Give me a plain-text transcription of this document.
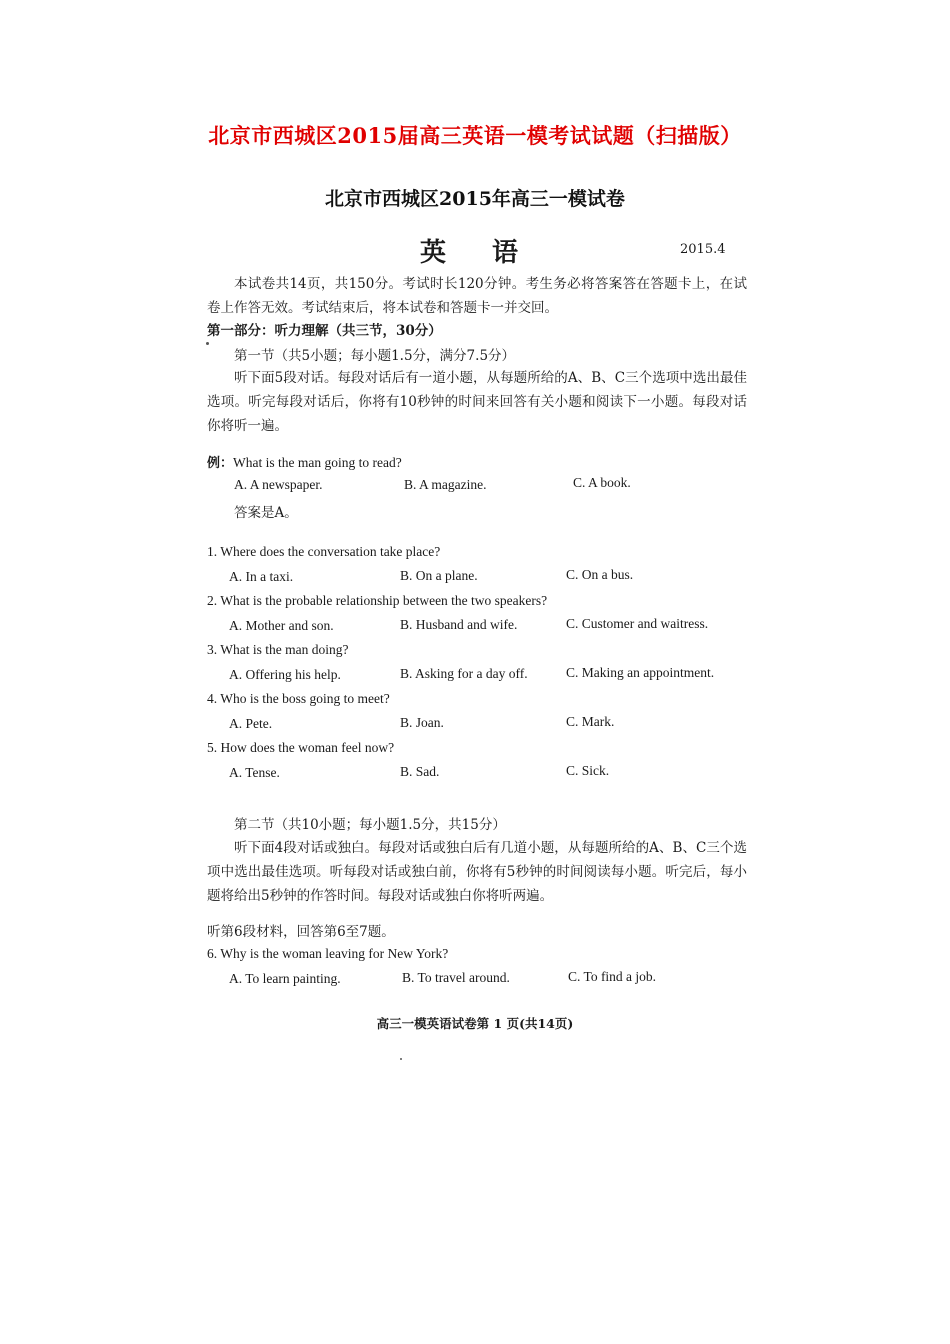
北京市西城区2015届高三英语一模考试试题（扫描版）
北京市西城区2015年高三一模试卷
英语	2015.4
本试卷共14页，共150分。考试时长120分钟。考生务必将答案答在答题卡上，在试卷上作答无效。考试结束后，将本试卷和答题卡一并交回。
第一部分：听力理解（共三节，30分）
第一节（共5小题；每小题1.5分，满分7.5分）
听下面5段对话。每段对话后有一道小题，从每题所给的A、B、C三个选项中选出最佳选项。听完每段对话后，你将有10秒钟的时间来回答有关小题和阅读下一小题。每段对话你将听一遍。
例：What is the man going to read?
A. A newspaper.	B. A magazine.	C. A book.
答案是A。
1. Where does the conversation take place?
A. In a taxi.	B. On a plane.	C. On a bus.
2. What is the probable relationship between the two speakers?
A. Mother and son.	B. Husband and wife.	C. Customer and waitress.
3. What is the man doing?
A. Offering his help.	B. Asking for a day off.	C. Making an appointment.
4. Who is the boss going to meet?
A. Pete.	B. Joan.	C. Mark.
5. How does the woman feel now?
A. Tense.	B. Sad.	C. Sick.
第二节（共10小题；每小题1.5分，共15分）
听下面4段对话或独白。每段对话或独白后有几道小题，从每题所给的A、B、C三个选项中选出最佳选项。听每段对话或独白前，你将有5秒钟的时间阅读每小题。听完后，每小题将给出5秒钟的作答时间。每段对话或独白你将听两遍。
听第6段材料，回答第6至7题。
6. Why is the woman leaving for New York?
A. To learn painting.	B. To travel around.	C. To find a job.
高三一模英语试卷第 1 页(共14页)
